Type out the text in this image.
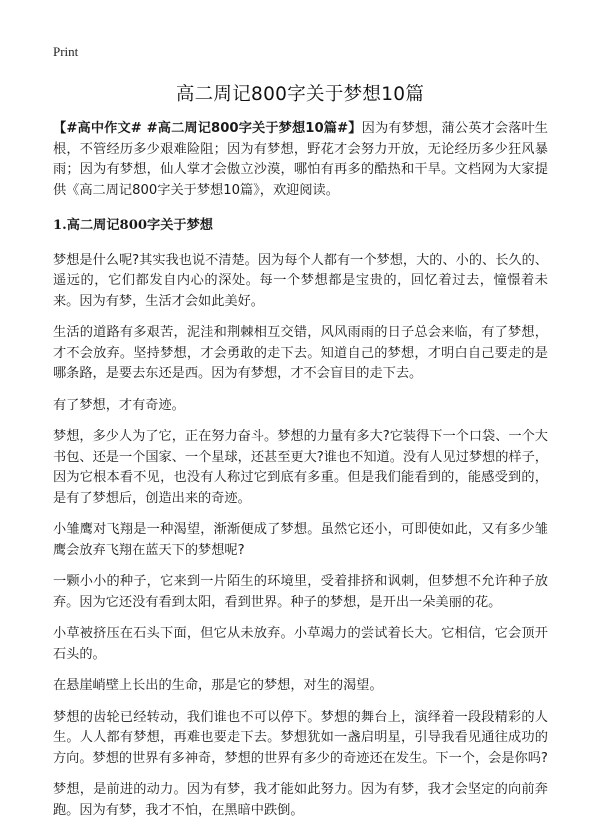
Print
高二周记800字关于梦想10篇

【#高中作文# #高二周记800字关于梦想10篇#】因为有梦想，蒲公英才会落叶生根，不管经历多少艰难险阻；因为有梦想，野花才会努力开放，无论经历多少狂风暴雨；因为有梦想，仙人掌才会傲立沙漠，哪怕有再多的酷热和干旱。文档网为大家提供《高二周记800字关于梦想10篇》，欢迎阅读。

1.高二周记800字关于梦想

梦想是什么呢?其实我也说不清楚。因为每个人都有一个梦想，大的、小的、长久的、遥远的，它们都发自内心的深处。每一个梦想都是宝贵的，回忆着过去，憧憬着未来。因为有梦，生活才会如此美好。

生活的道路有多艰苦，泥洼和荆棘相互交错，风风雨雨的日子总会来临，有了梦想，才不会放弃。坚持梦想，才会勇敢的走下去。知道自己的梦想，才明白自己要走的是哪条路，是要去东还是西。因为有梦想，才不会盲目的走下去。

有了梦想，才有奇迹。

梦想，多少人为了它，正在努力奋斗。梦想的力量有多大?它装得下一个口袋、一个大书包、还是一个国家、一个星球，还甚至更大?谁也不知道。没有人见过梦想的样子，因为它根本看不见，也没有人称过它到底有多重。但是我们能看到的，能感受到的，是有了梦想后，创造出来的奇迹。

小雏鹰对飞翔是一种渴望，渐渐便成了梦想。虽然它还小，可即使如此，又有多少雏鹰会放弃飞翔在蓝天下的梦想呢?

一颗小小的种子，它来到一片陌生的环境里，受着排挤和讽刺，但梦想不允许种子放弃。因为它还没有看到太阳，看到世界。种子的梦想，是开出一朵美丽的花。

小草被挤压在石头下面，但它从未放弃。小草竭力的尝试着长大。它相信，它会顶开石头的。

在悬崖峭壁上长出的生命，那是它的梦想，对生的渴望。

梦想的齿轮已经转动，我们谁也不可以停下。梦想的舞台上，演绎着一段段精彩的人生。人人都有梦想，再难也要走下去。梦想犹如一盏启明星，引导我看见通往成功的方向。梦想的世界有多神奇，梦想的世界有多少的奇迹还在发生。下一个，会是你吗?

梦想，是前进的动力。因为有梦，我才能如此努力。因为有梦，我才会坚定的向前奔跑。因为有梦，我才不怕，在黑暗中跌倒。
